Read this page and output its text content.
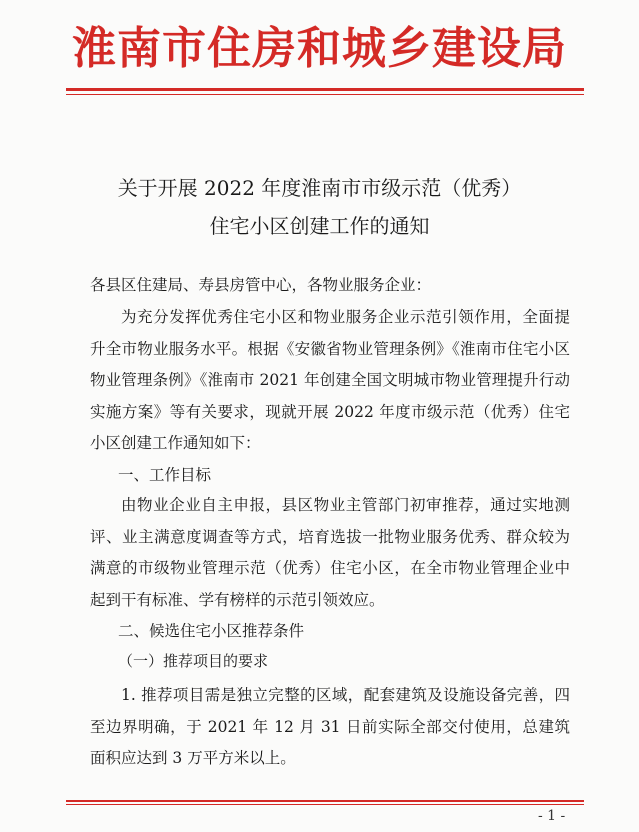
淮南市住房和城乡建设局
关于开展 2022 年度淮南市市级示范（优秀）
住宅小区创建工作的通知
各县区住建局、寿县房管中心，各物业服务企业：
为充分发挥优秀住宅小区和物业服务企业示范引领作用，全面提升全市物业服务水平。根据《安徽省物业管理条例》《淮南市住宅小区物业管理条例》《淮南市 2021 年创建全国文明城市物业管理提升行动实施方案》等有关要求，现就开展 2022 年度市级示范（优秀）住宅小区创建工作通知如下：
一、工作目标
由物业企业自主申报，县区物业主管部门初审推荐，通过实地测评、业主满意度调查等方式，培育选拔一批物业服务优秀、群众较为满意的市级物业管理示范（优秀）住宅小区，在全市物业管理企业中起到干有标准、学有榜样的示范引领效应。
二、候选住宅小区推荐条件
（一）推荐项目的要求
1. 推荐项目需是独立完整的区域，配套建筑及设施设备完善，四至边界明确，于 2021 年 12 月 31 日前实际全部交付使用，总建筑面积应达到 3 万平方米以上。
- 1 -
